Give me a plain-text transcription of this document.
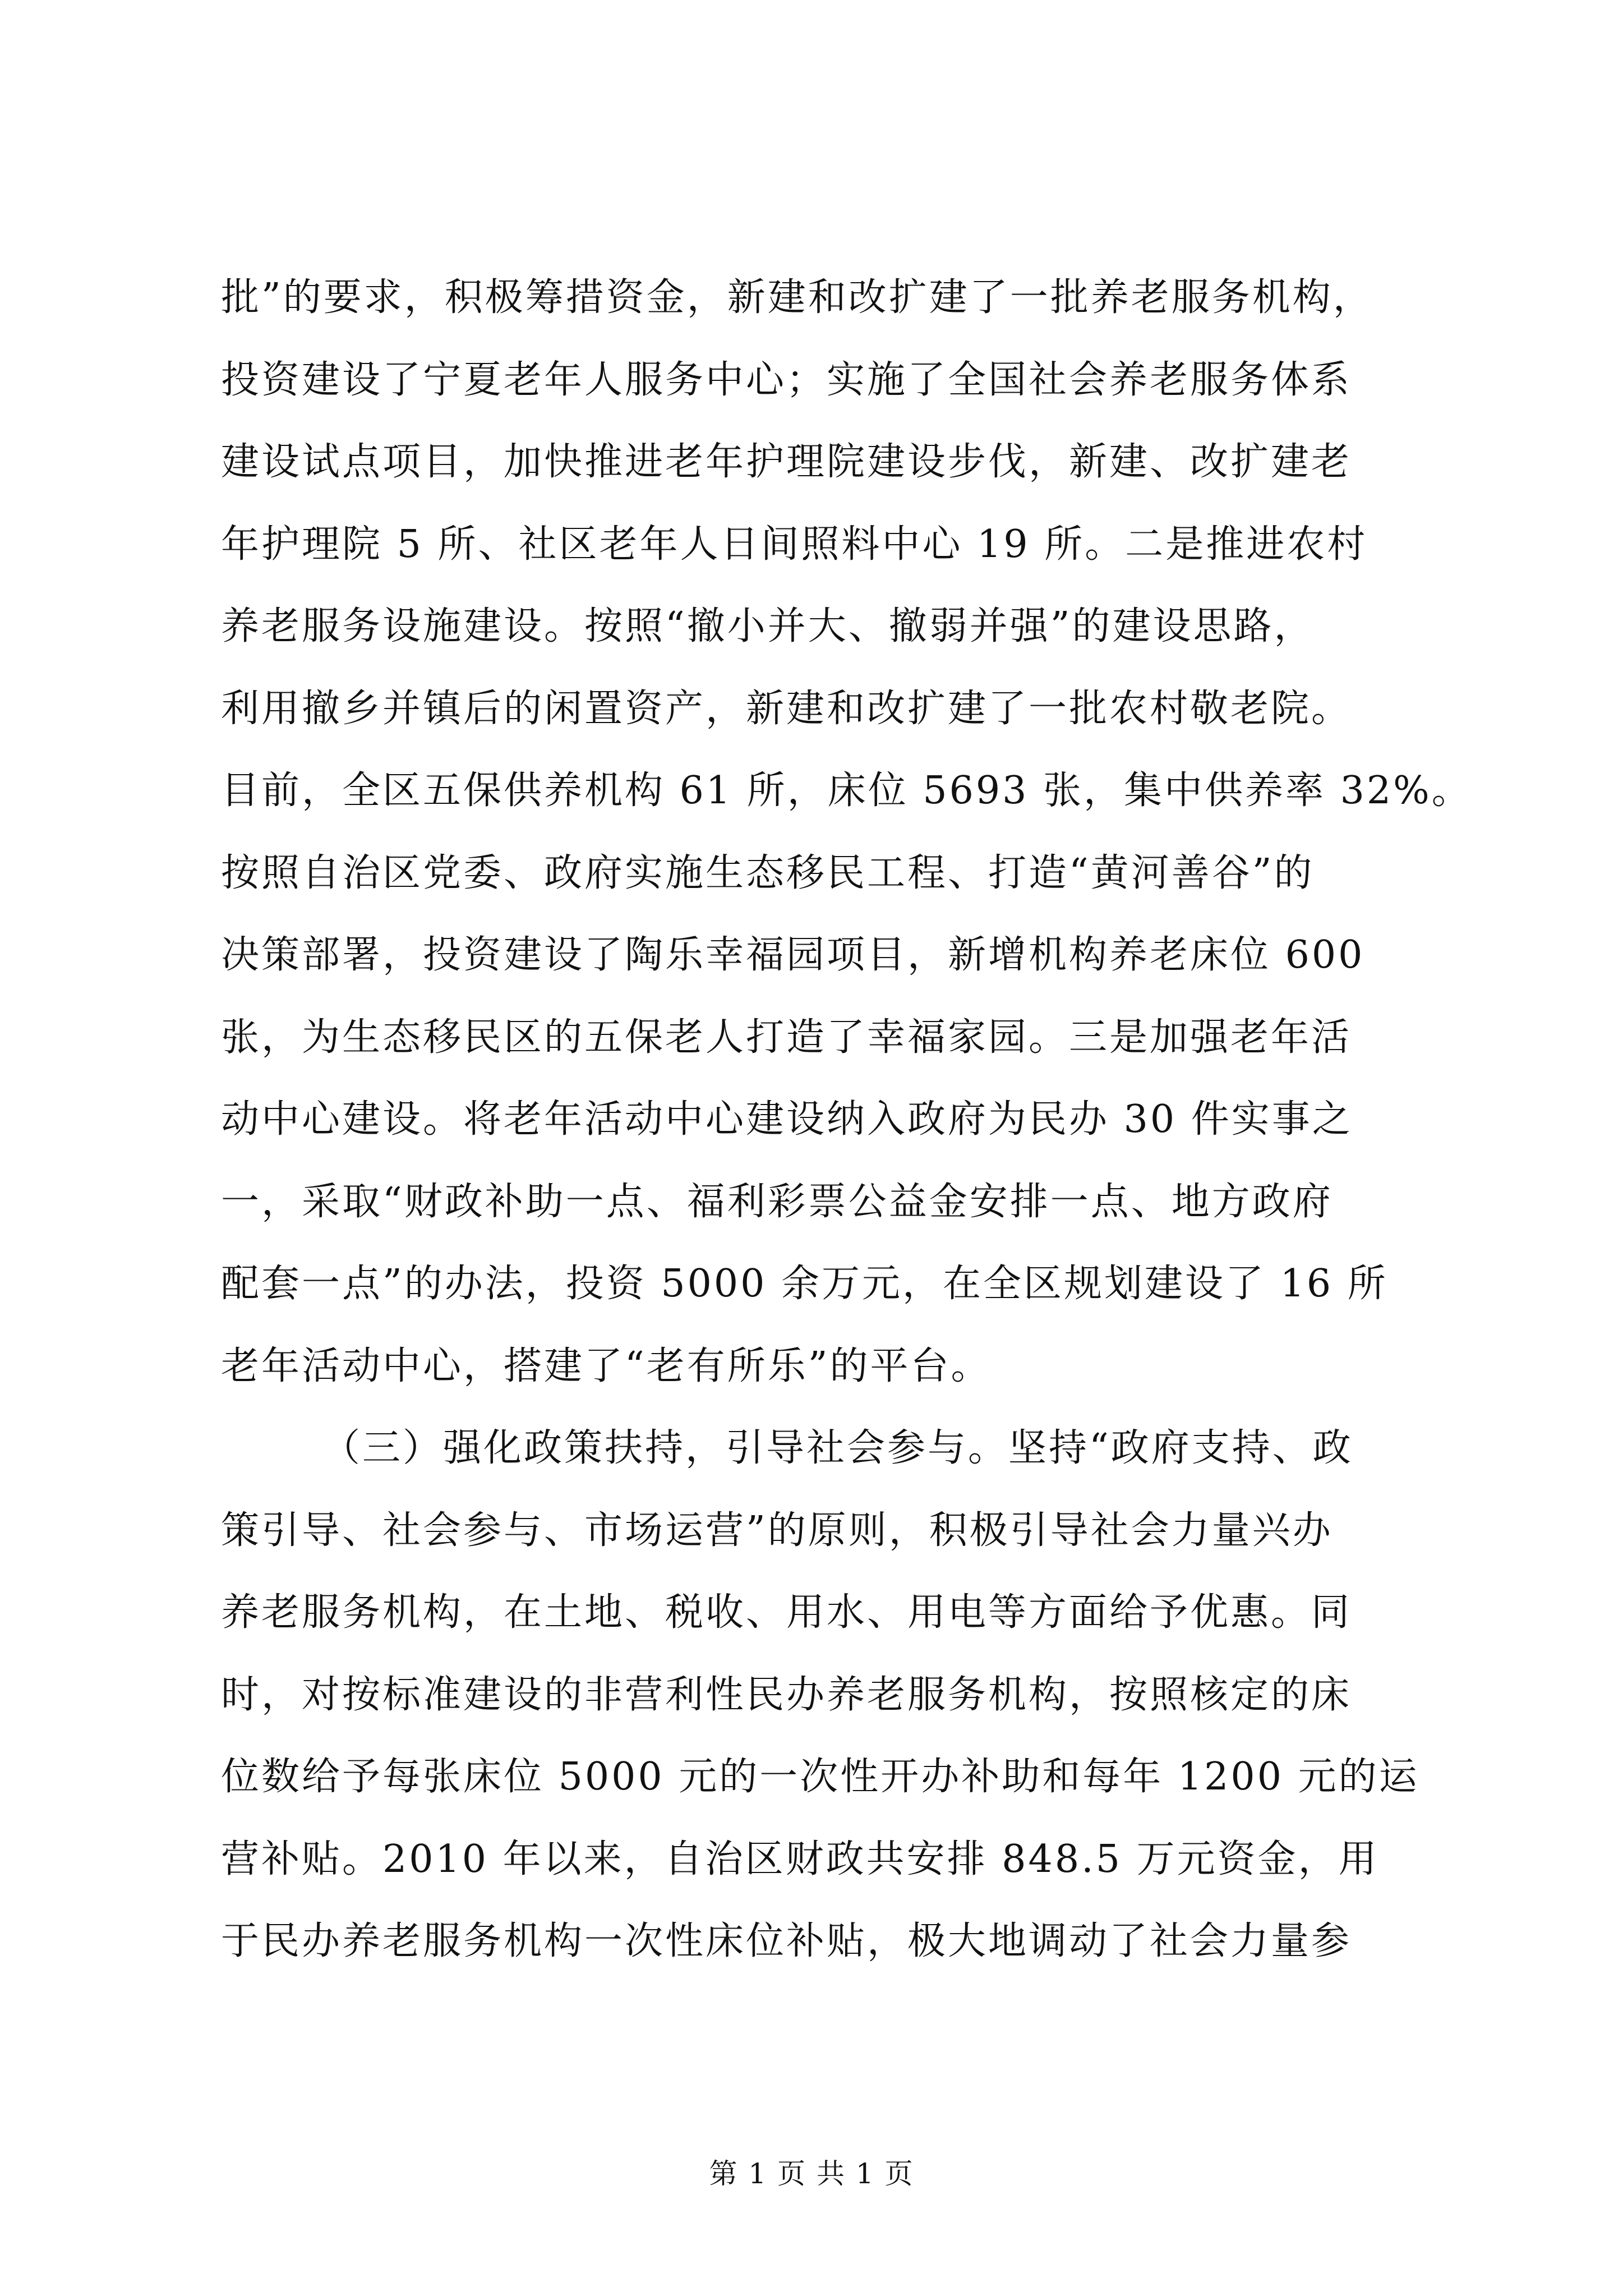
批”的要求，积极筹措资金，新建和改扩建了一批养老服务机构，
投资建设了宁夏老年人服务中心；实施了全国社会养老服务体系
建设试点项目，加快推进老年护理院建设步伐，新建、改扩建老
年护理院 5 所、社区老年人日间照料中心 19 所。二是推进农村
养老服务设施建设。按照“撤小并大、撤弱并强”的建设思路，
利用撤乡并镇后的闲置资产，新建和改扩建了一批农村敬老院。
目前，全区五保供养机构 61 所，床位 5693 张，集中供养率 32%。
按照自治区党委、政府实施生态移民工程、打造“黄河善谷”的
决策部署，投资建设了陶乐幸福园项目，新增机构养老床位 600
张，为生态移民区的五保老人打造了幸福家园。三是加强老年活
动中心建设。将老年活动中心建设纳入政府为民办 30 件实事之
一，采取“财政补助一点、福利彩票公益金安排一点、地方政府
配套一点”的办法，投资 5000 余万元，在全区规划建设了 16 所
老年活动中心，搭建了“老有所乐”的平台。
（三）强化政策扶持，引导社会参与。坚持“政府支持、政
策引导、社会参与、市场运营”的原则，积极引导社会力量兴办
养老服务机构，在土地、税收、用水、用电等方面给予优惠。同
时，对按标准建设的非营利性民办养老服务机构，按照核定的床
位数给予每张床位 5000 元的一次性开办补助和每年 1200 元的运
营补贴。2010 年以来，自治区财政共安排 848.5 万元资金，用
于民办养老服务机构一次性床位补贴，极大地调动了社会力量参
第 1 页 共 1 页
